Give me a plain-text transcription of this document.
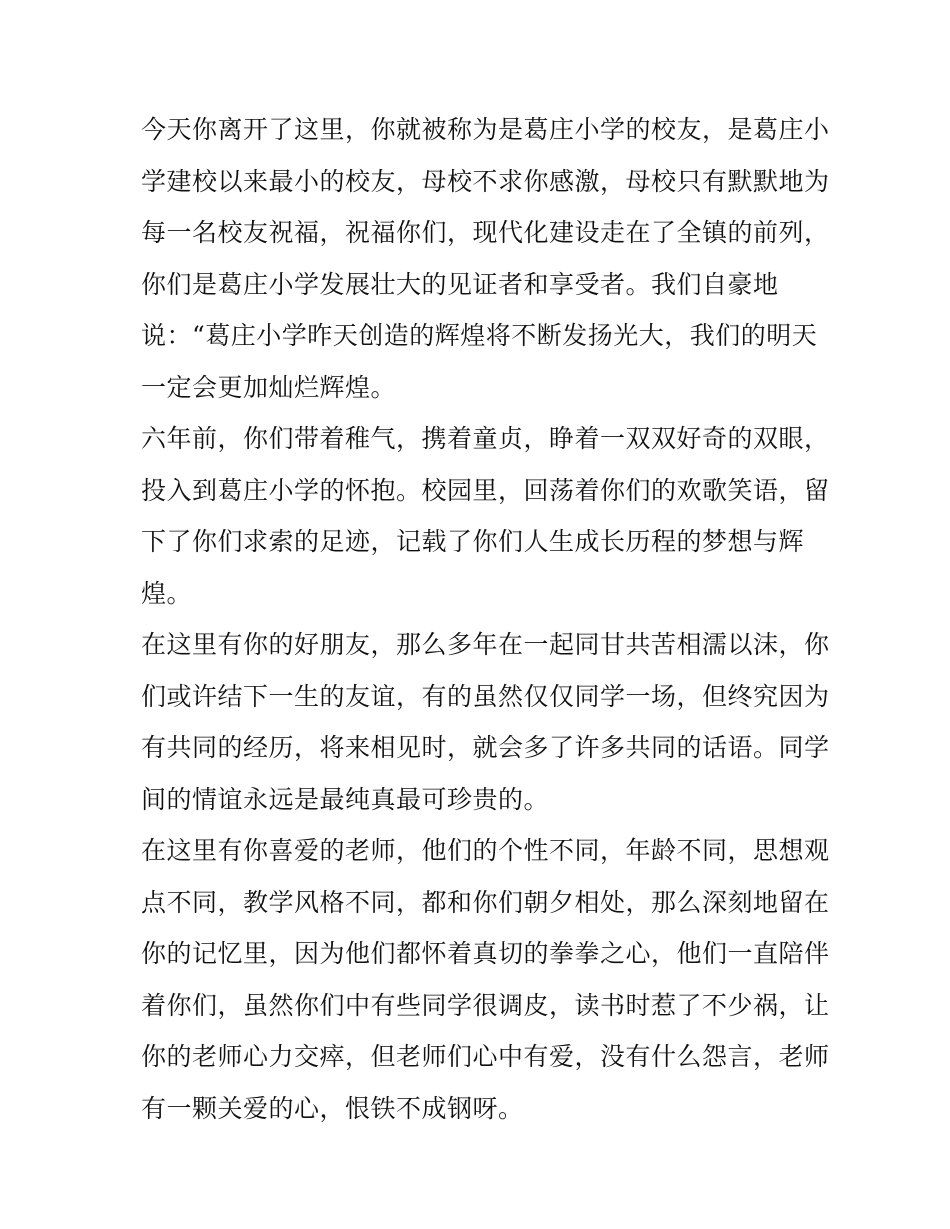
今天你离开了这里，你就被称为是葛庄小学的校友，是葛庄小
学建校以来最小的校友，母校不求你感激，母校只有默默地为
每一名校友祝福，祝福你们，现代化建设走在了全镇的前列，
你们是葛庄小学发展壮大的见证者和享受者。我们自豪地
说：“葛庄小学昨天创造的辉煌将不断发扬光大，我们的明天
一定会更加灿烂辉煌。
六年前，你们带着稚气，携着童贞，睁着一双双好奇的双眼，
投入到葛庄小学的怀抱。校园里，回荡着你们的欢歌笑语，留
下了你们求索的足迹，记载了你们人生成长历程的梦想与辉
煌。
在这里有你的好朋友，那么多年在一起同甘共苦相濡以沫，你
们或许结下一生的友谊，有的虽然仅仅同学一场，但终究因为
有共同的经历，将来相见时，就会多了许多共同的话语。同学
间的情谊永远是最纯真最可珍贵的。
在这里有你喜爱的老师，他们的个性不同，年龄不同，思想观
点不同，教学风格不同，都和你们朝夕相处，那么深刻地留在
你的记忆里，因为他们都怀着真切的拳拳之心，他们一直陪伴
着你们，虽然你们中有些同学很调皮，读书时惹了不少祸，让
你的老师心力交瘁，但老师们心中有爱，没有什么怨言，老师
有一颗关爱的心，恨铁不成钢呀。
